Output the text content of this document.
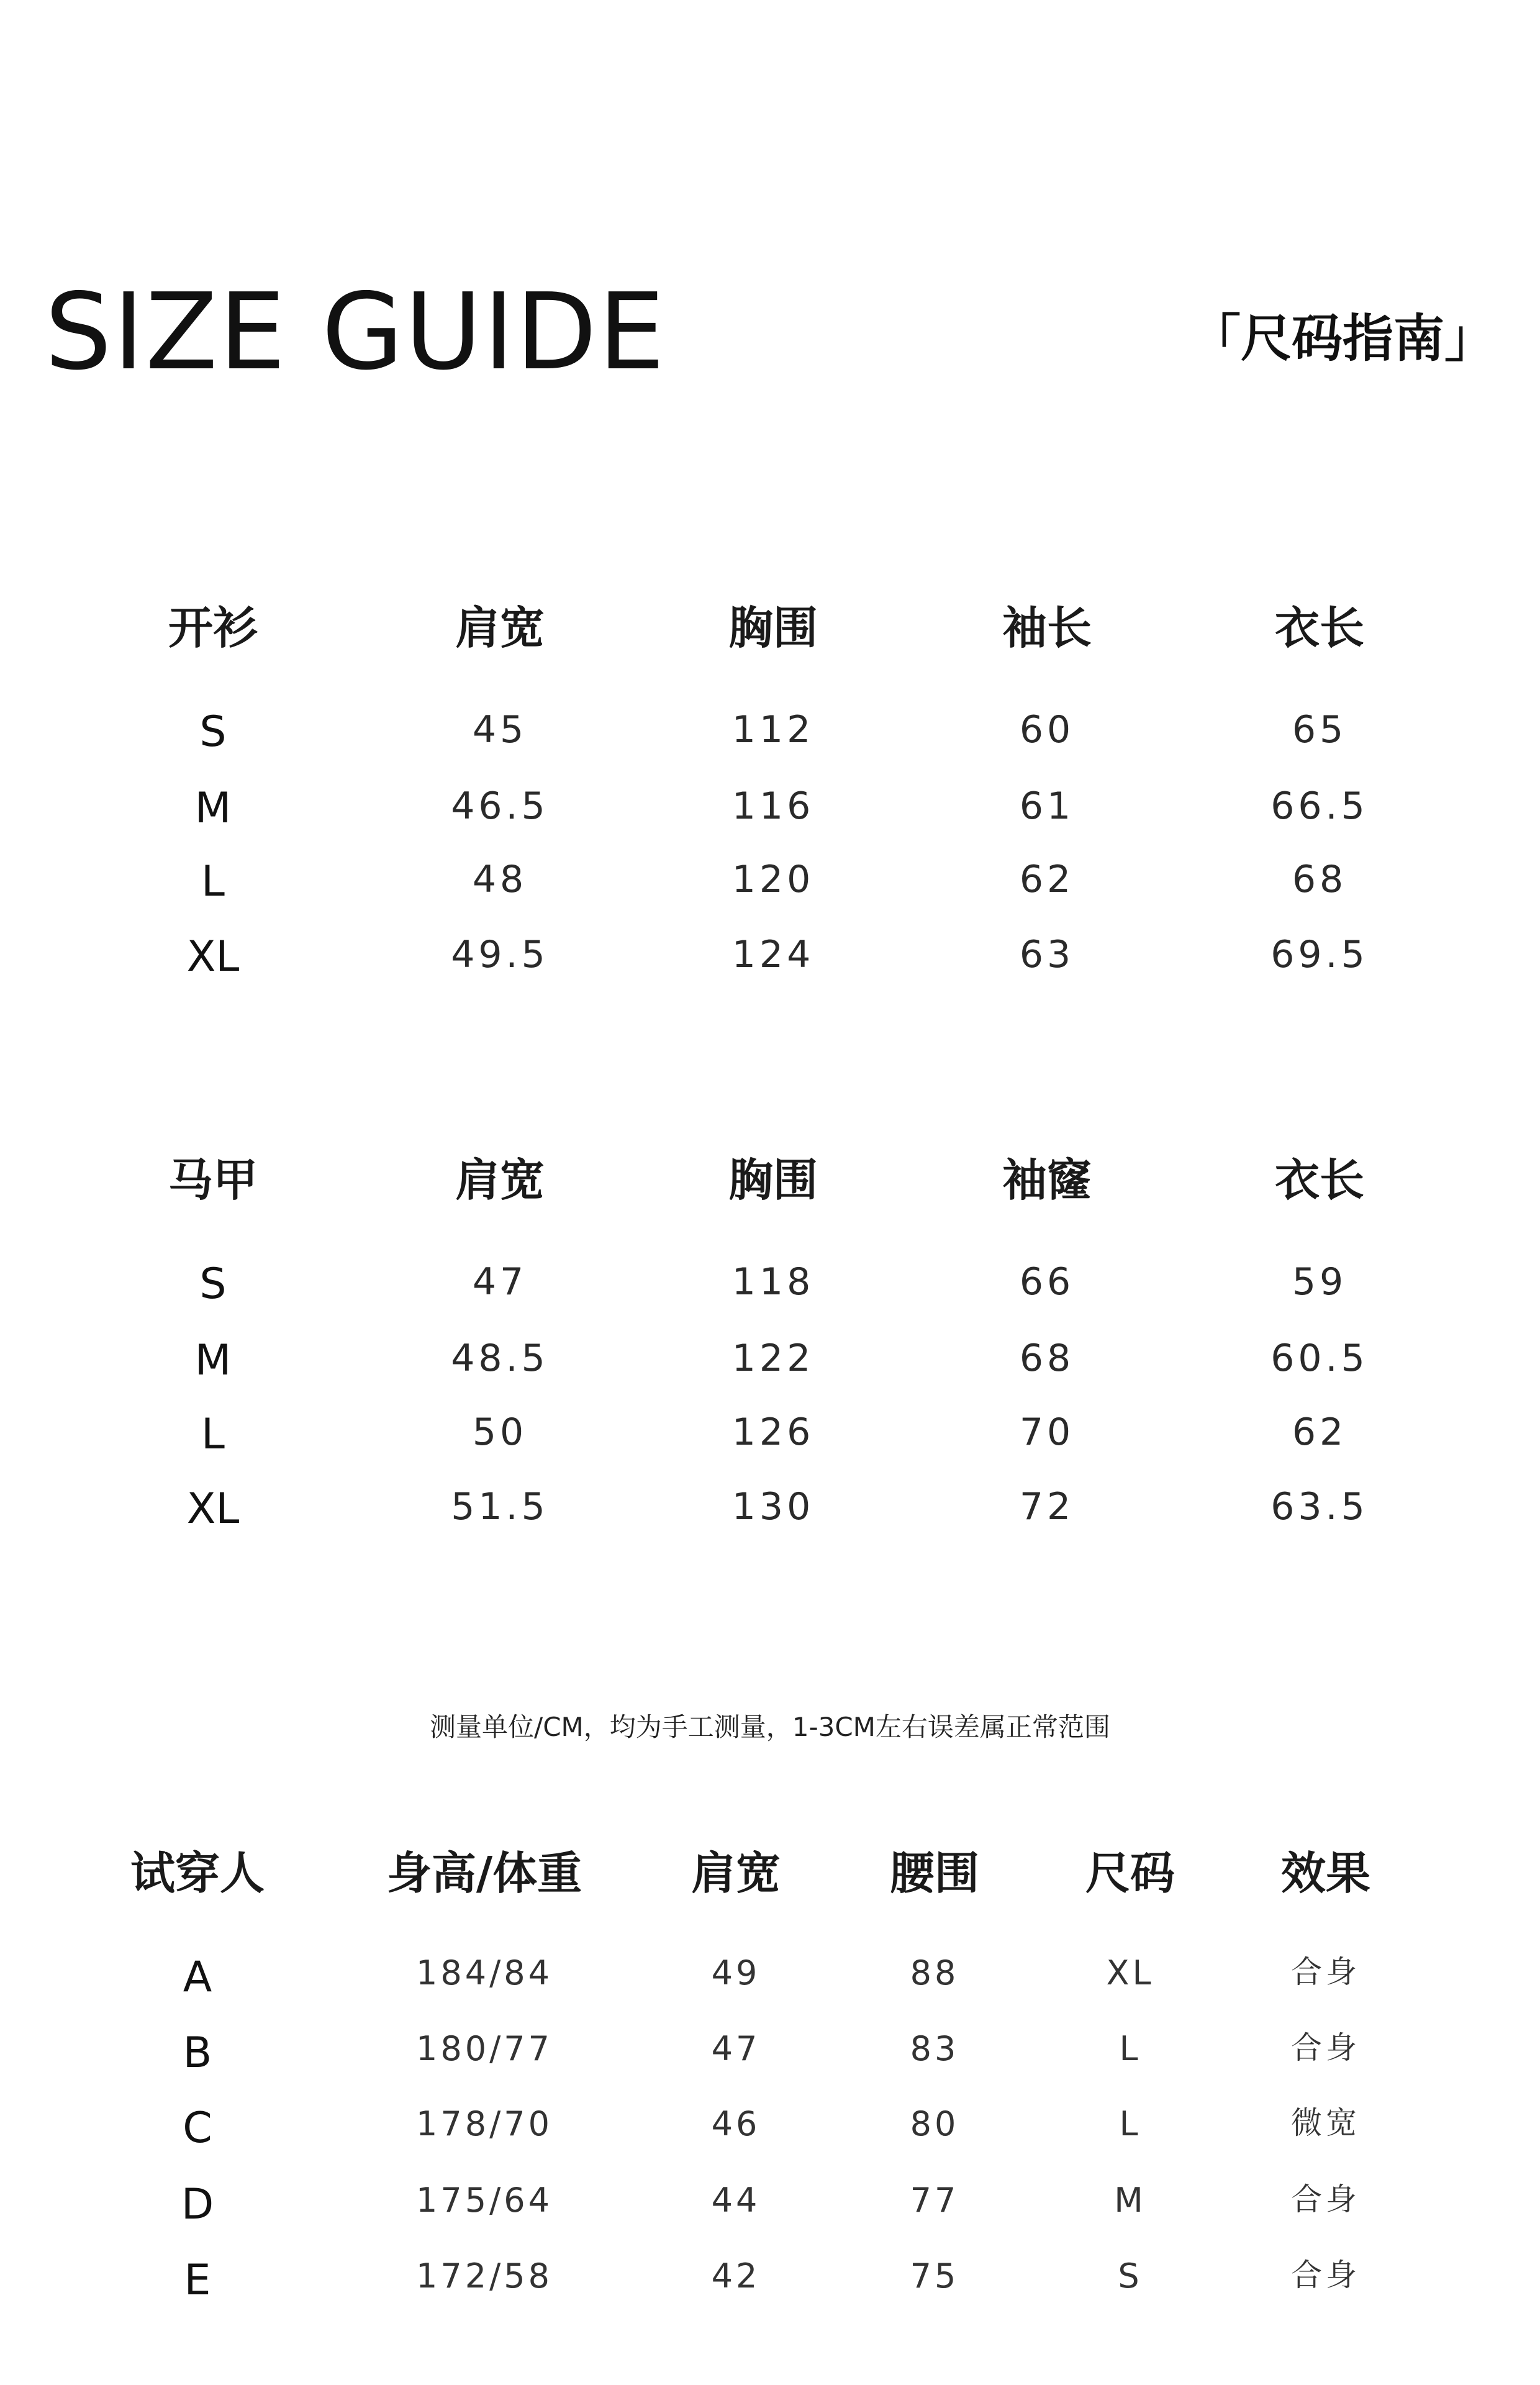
SIZE GUIDE	「尺码指南」
开衫	肩宽	胸围	袖长	衣长
S	45	112	60	65
M	46.5	116	61	66.5
L	48	120	62	68
XL	49.5	124	63	69.5
马甲	肩宽	胸围	袖窿	衣长
S	47	118	66	59
M	48.5	122	68	60.5
L	50	126	70	62
XL	51.5	130	72	63.5
测量单位/CM，均为手工测量，1-3CM左右误差属正常范围
试穿人	身高/体重 肩宽 腰围 尺码 效果
A	184/84	49	88	XL	合身
B	180/77	47	83	L	合身
C	178/70	46	80	L	微宽
D	175/64	44	77	M	合身
E	172/58	42	75	S	合身
